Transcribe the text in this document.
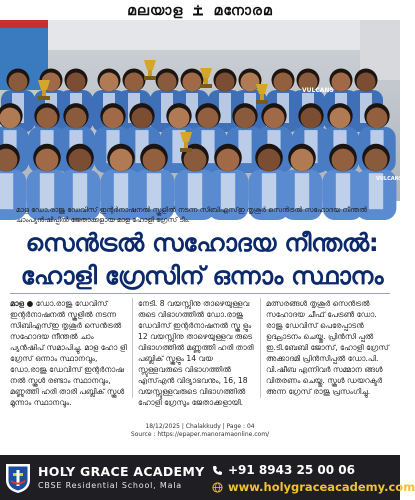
മലയാള മനോരമ
VULCANS
VULCANS
മാള ഡോ.രാജു ഡേവിസ് ഇന്റർനാഷനൽ സ്കൂളിൽ നടന്ന സിബിഎസ്ഇ തൃശൂർ സെൻട്രൽ സഹോദയ നീന്തൽ ചാംപ്യൻഷിപ്പിൽ ജേതാക്കളായ മാള ഹോളി ഗ്രേസ് ടീം.
സെൻട്രൽ സഹോദയ നീന്തൽ:
ഹോളി ഗ്രേസിന് ഒന്നാം സ്ഥാനം
മാള ● ഡോ.രാജു ഡേവിസ് ഇന്റർനാഷനൽ സ്കൂളിൽ നടന്ന സിബിഎസ്ഇ തൃശൂർ സെൻട്രൽ സഹോദയ നീന്തൽ ചാം പ്യൻഷിപ് സമാപിച്ചു. മാള ഹോ ളി ഗ്രേസ് ഒന്നാം സ്ഥാനവും, ഡോ.രാജു ഡേവിസ് ഇന്റർനാഷ നൽ സ്കൂൾ രണ്ടാം സ്ഥാനവും, മണ്ണുത്തി ഹരി താരി പബ്ലിക് സ്കൂൾ മൂന്നാം സ്ഥാനവും.
നേടി. 8 വയസ്സിനു താഴെയുള്ളവ രുടെ വിഭാഗത്തിൽ ഡോ.രാജു ഡേവിസ് ഇന്റർനാഷനൽ സ്കൂ ളും 12 വയസ്സിനു താഴെയുള്ളവ രുടെ വിഭാഗത്തിൽ മണ്ണുത്തി ഹരി താരി പബ്ലിക് സ്കൂളും 14 വയ സ്സുള്ളവരുടെ വിഭാഗത്തിൽ എസ്എൻ വിദ്യാഭവനും, 16, 18 വയസ്സുള്ളവരുടെ വിഭാഗത്തിൽ ഹോളി ഗ്രേസും ജേതാക്കളായി.
മത്സരങ്ങൾ തൃശൂർ സെൻട്രൽ സഹോദയ ചീഫ് പേട്രൺ ഡോ. രാജു ഡേവിസ് പെരേപ്പാടൻ ഉദ്ഘാടനം ചെയ്തു. പ്രിൻസി പ്പൽ ഇ.ടി.ബേബി ജോസ്, ഹോളി ഗ്രേസ് അക്കാദമി പ്രിൻസിപ്പൽ ഡോ.പി. വി.ഷീബ എന്നിവർ സമ്മാന ങ്ങൾ വിതരണം ചെയ്തു. സ്കൂൾ ഡയറക്ടർ അന്ന ഗ്രേസ് രാജു പ്രസംഗിച്ചു.
18/12/2025 | Chalakkudy | Page : 04
Source : https://epaper.manoramaonline.com/
HOLY GRACE ACADEMY
CBSE Residential School, Mala
+91 8943 25 00 06
www.holygraceacademy.com
